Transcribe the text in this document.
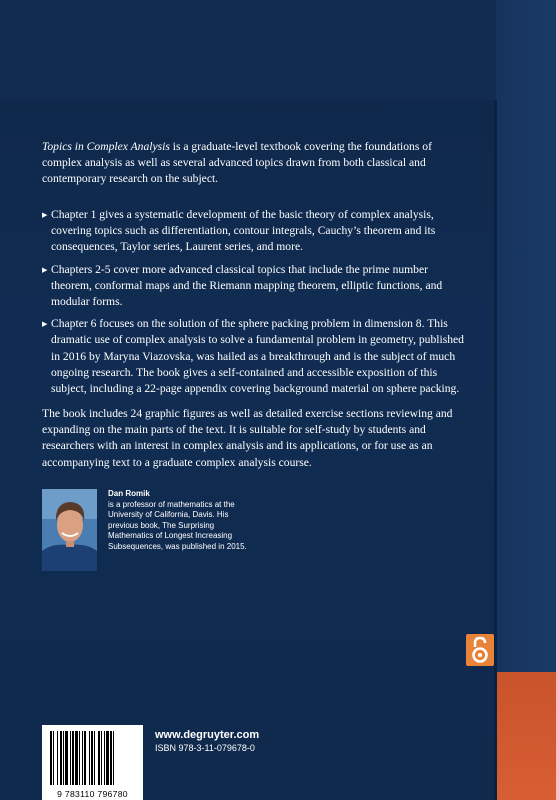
Topics in Complex Analysis is a graduate-level textbook covering the foundations of complex analysis as well as several advanced topics drawn from both classical and contemporary research on the subject.
▶ Chapter 1 gives a systematic development of the basic theory of complex analysis, covering topics such as differentiation, contour integrals, Cauchy’s theorem and its consequences, Taylor series, Laurent series, and more.
▶ Chapters 2-5 cover more advanced classical topics that include the prime number theorem, conformal maps and the Riemann mapping theorem, elliptic functions, and modular forms.
▶ Chapter 6 focuses on the solution of the sphere packing problem in dimension 8. This dramatic use of complex analysis to solve a fundamental problem in geometry, published in 2016 by Maryna Viazovska, was hailed as a breakthrough and is the subject of much ongoing research. The book gives a self-contained and accessible exposition of this subject, including a 22-page appendix covering background material on sphere packing.
The book includes 24 graphic figures as well as detailed exercise sections reviewing and expanding on the main parts of the text. It is suitable for self-study by students and researchers with an interest in complex analysis and its applications, or for use as an accompanying text to a graduate complex analysis course.
Dan Romik
is a professor of mathematics at the University of California, Davis. His previous book, The Surprising Mathematics of Longest Increasing Subsequences, was published in 2015.
9 783110 796780
www.degruyter.com
ISBN 978-3-11-079678-0
